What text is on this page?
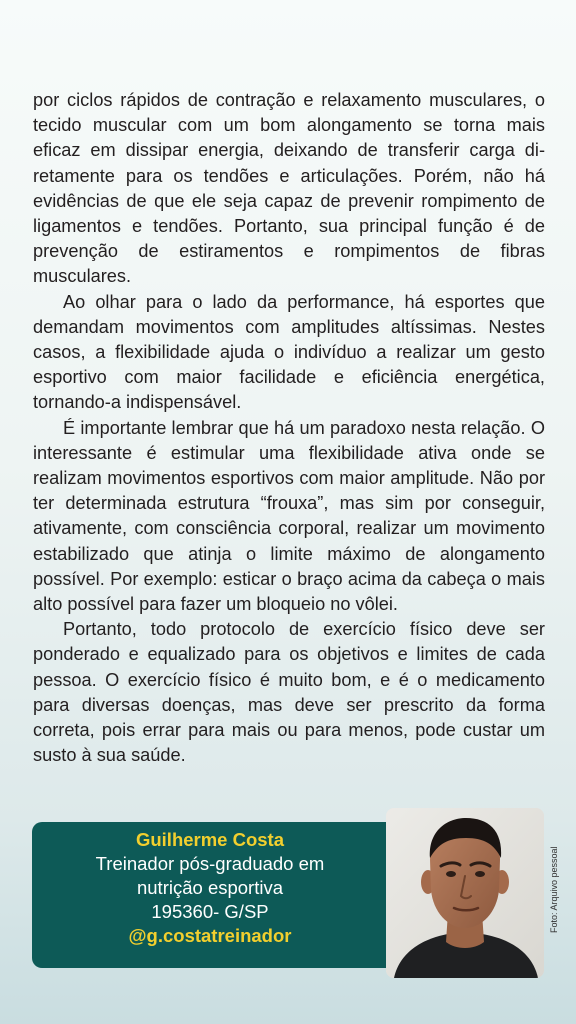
por ciclos rápidos de contração e relaxamento musculares, o tecido muscular com um bom alongamento se torna mais eficaz em dissipar energia, deixando de transferir carga diretamente para os tendões e articulações. Porém, não há evidências de que ele seja capaz de prevenir rompimento de ligamentos e tendões. Portanto, sua principal função é de prevenção de estiramentos e rompimentos de fibras musculares.

Ao olhar para o lado da performance, há esportes que demandam movimentos com amplitudes altíssimas. Nestes casos, a flexibilidade ajuda o indivíduo a realizar um gesto esportivo com maior facilidade e eficiência energética, tornando-a indispensável.

É importante lembrar que há um paradoxo nesta relação. O interessante é estimular uma flexibilidade ativa onde se realizam movimentos esportivos com maior amplitude. Não por ter determinada estrutura “frouxa”, mas sim por conseguir, ativamente, com consciência corporal, realizar um movimento estabilizado que atinja o limite máximo de alongamento possível. Por exemplo: esticar o braço acima da cabeça o mais alto possível para fazer um bloqueio no vôlei.

Portanto, todo protocolo de exercício físico deve ser ponderado e equalizado para os objetivos e limites de cada pessoa. O exercício físico é muito bom, e é o medicamento para diversas doenças, mas deve ser prescrito da forma correta, pois errar para mais ou para menos, pode custar um susto à sua saúde.

Guilherme Costa
Treinador pós-graduado em
nutrição esportiva
195360- G/SP
@g.costatreinador
Foto: Arquivo pessoal
